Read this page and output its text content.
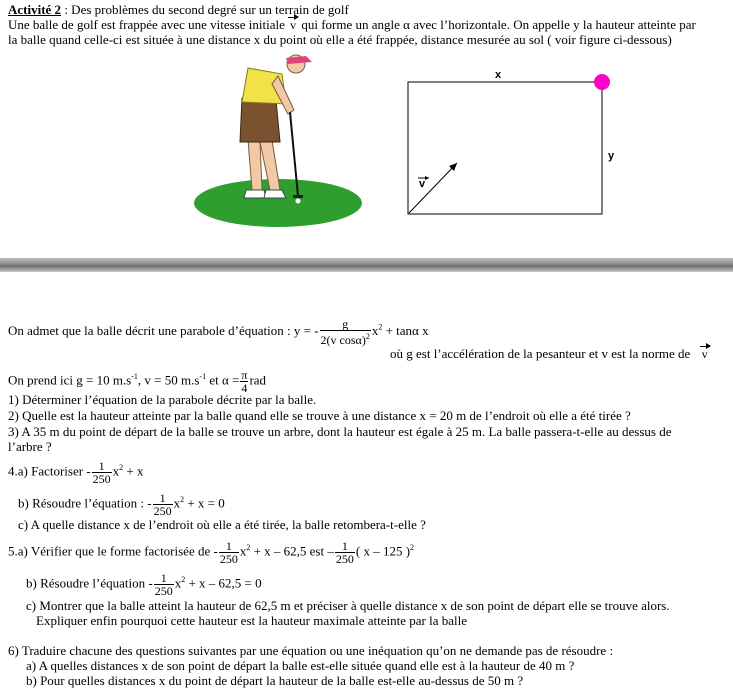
Activité 2 : Des problèmes du second degré sur un terrain de golf
Une balle de golf est frappée avec une vitesse initiale v qui forme un angle α avec l’horizontale. On appelle y la hauteur atteinte par
la balle quand celle-ci est située à une distance x du point où elle a été frappée, distance mesurée au sol ( voir figure ci-dessous)
x
y
v
On admet que la balle décrit une parabole d’équation : y = - $\frac{g}{2(v \cos\alpha)^2} x^2 + \tan\alpha$ x
où g est l’accélération de la pesanteur et v est la norme de v
On prend ici g = 10 $m.s^{-1}$, v = 50 $m.s^{-1}$ et $\alpha = \frac{\pi}{4}$ rad
1) Déterminer l’équation de la parabole décrite par la balle.
2) Quelle est la hauteur atteinte par la balle quand elle se trouve à une distance x = 20 m de l’endroit où elle a été tirée ?
3) A 35 m du point de départ de la balle se trouve un arbre, dont la hauteur est égale à 25 m. La balle passera-t-elle au dessus de
l’arbre ?
4.a) Factoriser - $\frac{1}{250} x^2 + x$
b) Résoudre l’équation : - $\frac{1}{250} x^2 + x = 0$
c) A quelle distance x de l’endroit où elle a été tirée, la balle retombera-t-elle ?
5.a) Vérifier que le forme factorisée de - $\frac{1}{250} x^2 + x - 62,5$ est – $\frac{1}{250}$ ( x – 125 )$^2$
b) Résoudre l’équation - $\frac{1}{250} x^2 + x - 62,5 = 0$
c) Montrer que la balle atteint la hauteur de 62,5 m et préciser à quelle distance x de son point de départ elle se trouve alors.
Expliquer enfin pourquoi cette hauteur est la hauteur maximale atteinte par la balle
6) Traduire chacune des questions suivantes par une équation ou une inéquation qu’on ne demande pas de résoudre :
a) A quelles distances x de son point de départ la balle est-elle située quand elle est à la hauteur de 40 m ?
b) Pour quelles distances x du point de départ la hauteur de la balle est-elle au-dessus de 50 m ?
